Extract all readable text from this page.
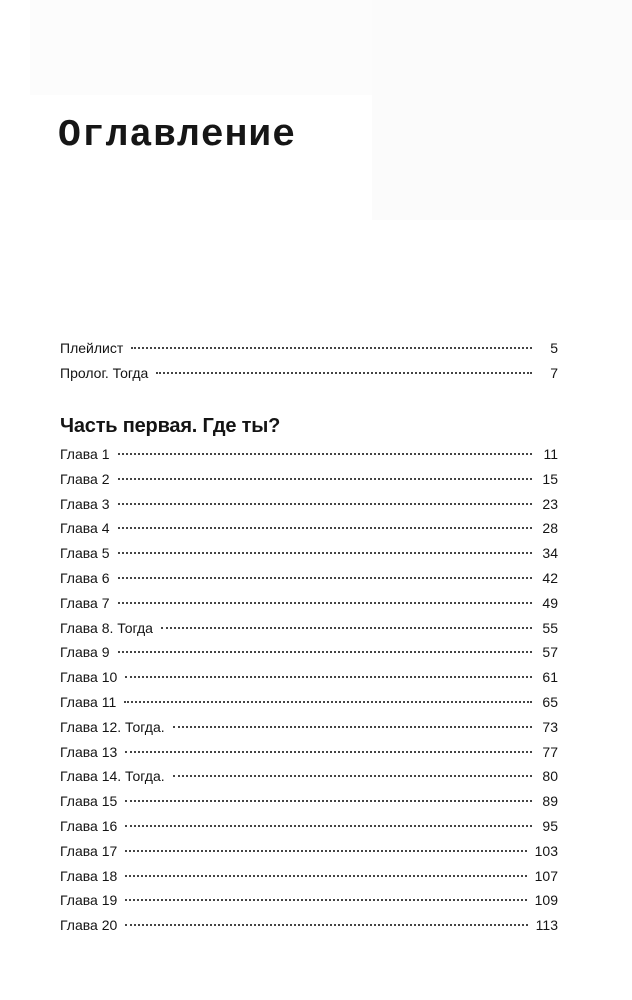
Оглавление
Плейлист	5
Пролог. Тогда	7
Часть первая. Где ты?
Глава 1	11
Глава 2	15
Глава 3	23
Глава 4	28
Глава 5	34
Глава 6	42
Глава 7	49
Глава 8. Тогда	55
Глава 9	57
Глава 10	61
Глава 11	65
Глава 12. Тогда.	73
Глава 13	77
Глава 14. Тогда.	80
Глава 15	89
Глава 16	95
Глава 17	103
Глава 18	107
Глава 19	109
Глава 20	113
